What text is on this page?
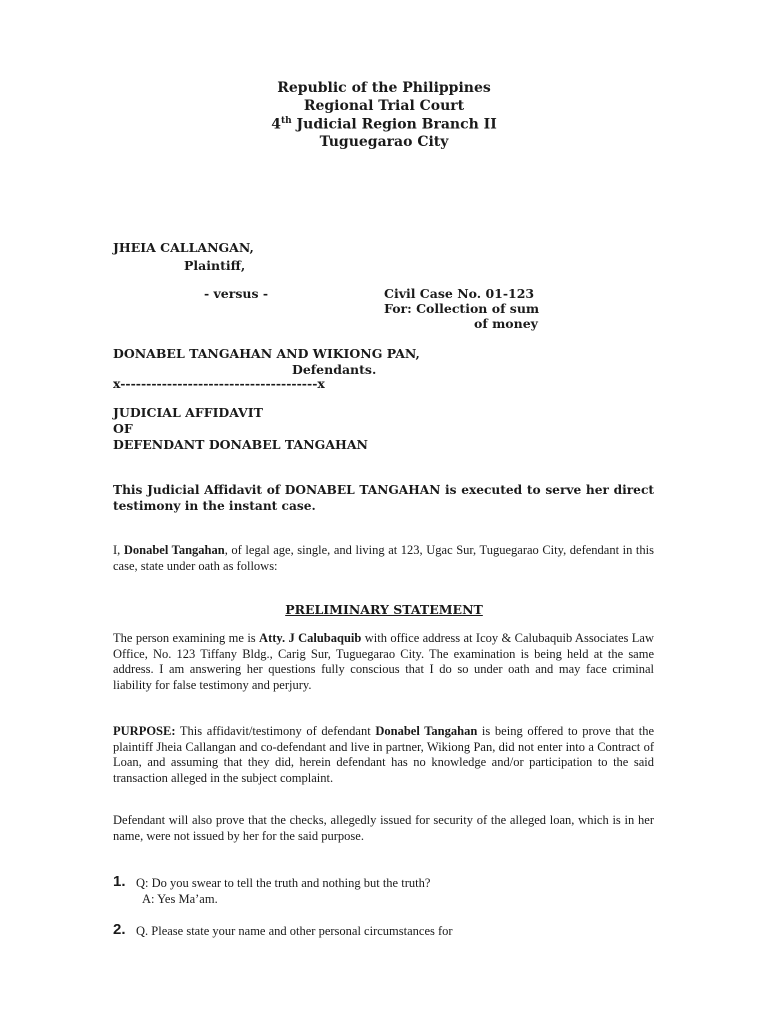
Republic of the Philippines
Regional Trial Court
4th Judicial Region Branch II
Tuguegarao City
JHEIA CALLANGAN,
Plaintiff,
- versus -	Civil Case No. 01-123
For: Collection of sum
of money
DONABEL TANGAHAN AND WIKIONG PAN,
Defendants.
x--------------------------------------x
JUDICIAL AFFIDAVIT
OF
DEFENDANT DONABEL TANGAHAN
This Judicial Affidavit of DONABEL TANGAHAN is executed to serve her direct testimony in the instant case.
I, Donabel Tangahan, of legal age, single, and living at 123, Ugac Sur, Tuguegarao City, defendant in this case, state under oath as follows:
PRELIMINARY STATEMENT
The person examining me is Atty. J Calubaquib with office address at Icoy & Calubaquib Associates Law Office, No. 123 Tiffany Bldg., Carig Sur, Tuguegarao City. The examination is being held at the same address. I am answering her questions fully conscious that I do so under oath and may face criminal liability for false testimony and perjury.
PURPOSE: This affidavit/testimony of defendant Donabel Tangahan is being offered to prove that the plaintiff Jheia Callangan and co-defendant and live in partner, Wikiong Pan, did not enter into a Contract of Loan, and assuming that they did, herein defendant has no knowledge and/or participation to the said transaction alleged in the subject complaint.
Defendant will also prove that the checks, allegedly issued for security of the alleged loan, which is in her name, were not issued by her for the said purpose.
1. Q: Do you swear to tell the truth and nothing but the truth?
A: Yes Ma’am.
2. Q. Please state your name and other personal circumstances for
